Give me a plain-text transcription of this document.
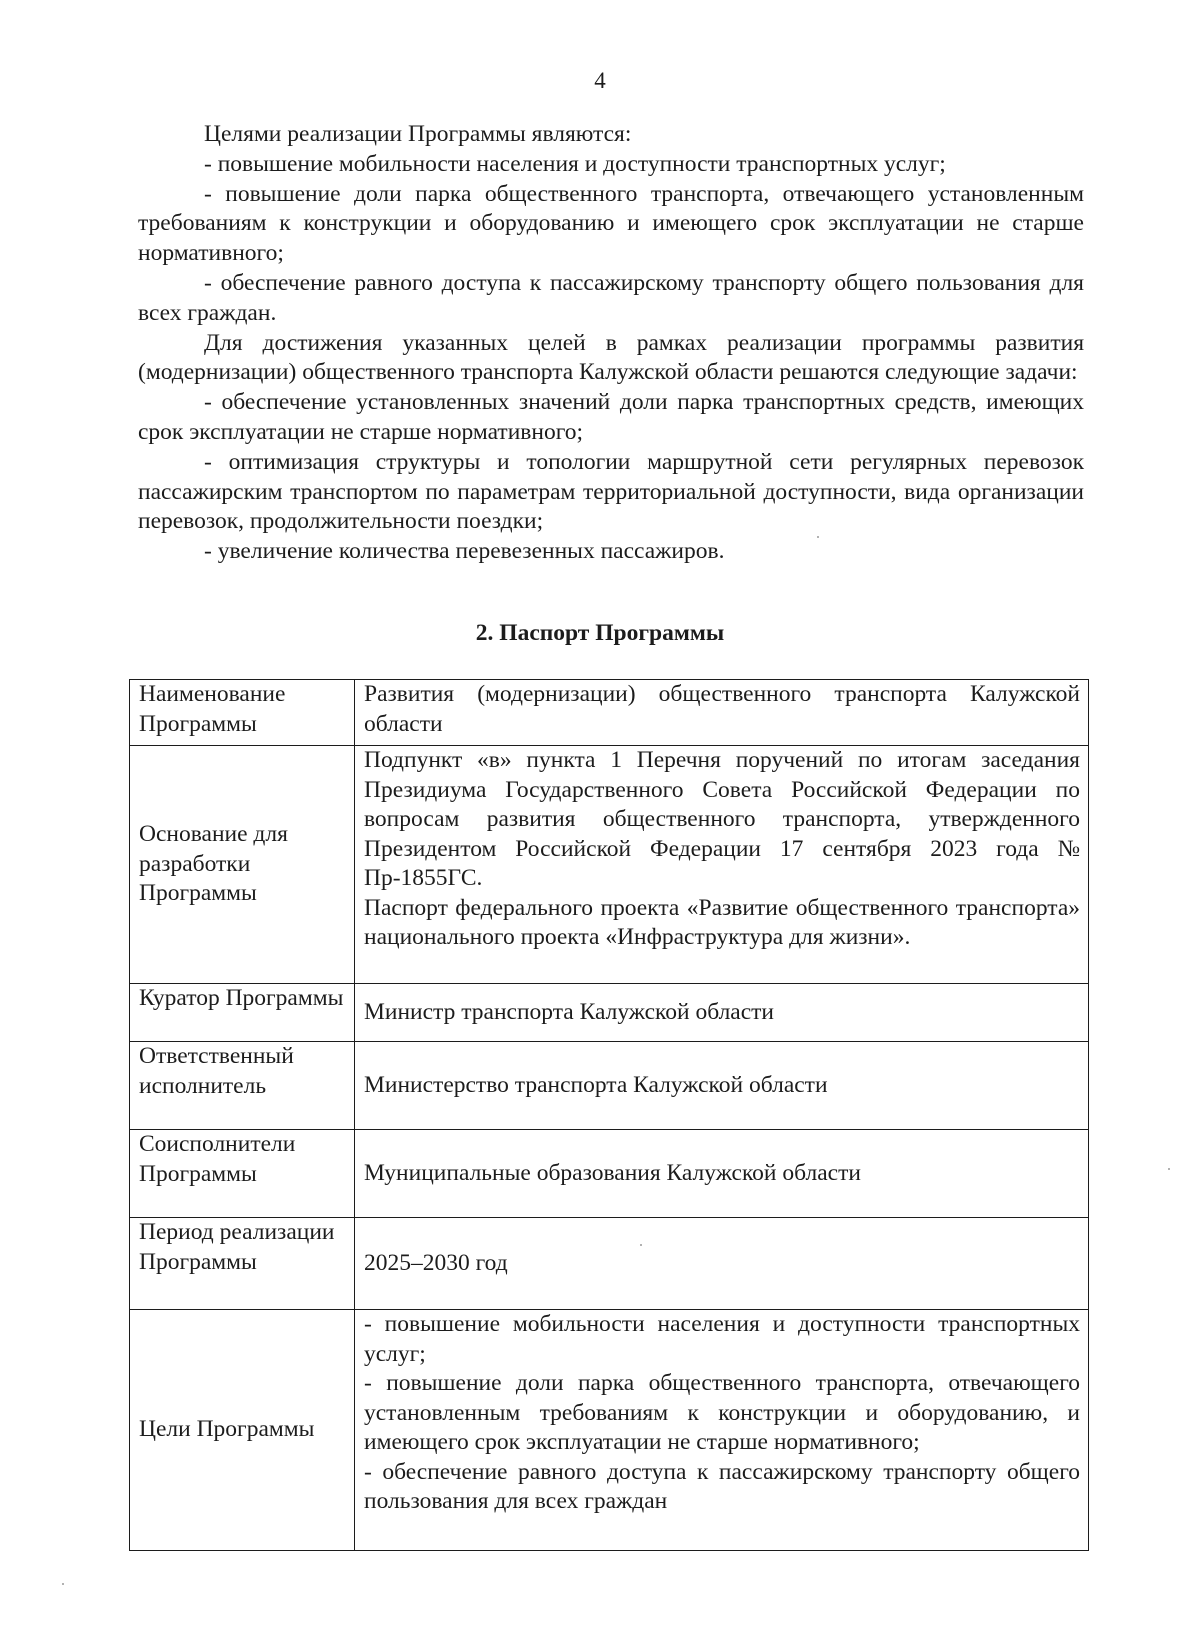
4

Целями реализации Программы являются:

- повышение мобильности населения и доступности транспортных услуг;

- повышение доли парка общественного транспорта, отвечающего установленным требованиям к конструкции и оборудованию и имеющего срок эксплуатации не старше нормативного;

- обеспечение равного доступа к пассажирскому транспорту общего пользования для всех граждан.

Для достижения указанных целей в рамках реализации программы развития (модернизации) общественного транспорта Калужской области решаются следующие задачи:

- обеспечение установленных значений доли парка транспортных средств, имеющих срок эксплуатации не старше нормативного;

- оптимизация структуры и топологии маршрутной сети регулярных перевозок пассажирским транспортом по параметрам территориальной доступности, вида организации перевозок, продолжительности поездки;

- увеличение количества перевезенных пассажиров.

2. Паспорт Программы
Наименование Программы	Развития (модернизации) общественного транспорта Калужской области
Основание для разработки Программы	Подпункт «в» пункта 1 Перечня поручений по итогам заседания Президиума Государственного Совета Российской Федерации по вопросам развития общественного транспорта, утвержденного Президентом Российской Федерации 17 сентября 2023 года № Пр-1855ГС.
Паспорт федерального проекта «Развитие общественного транспорта» национального проекта «Инфраструктура для жизни».

Куратор Программы	Министр транспорта Калужской области
Ответственный исполнитель	Министерство транспорта Калужской области
Соисполнители Программы	Муниципальные образования Калужской области
Период реализации Программы	2025–2030 год
Цели Программы	- повышение мобильности населения и доступности транспортных услуг;
- повышение доли парка общественного транспорта, отвечающего установленным требованиям к конструкции и оборудованию, и имеющего срок эксплуатации не старше нормативного;
- обеспечение равного доступа к пассажирскому транспорту общего пользования для всех граждан
